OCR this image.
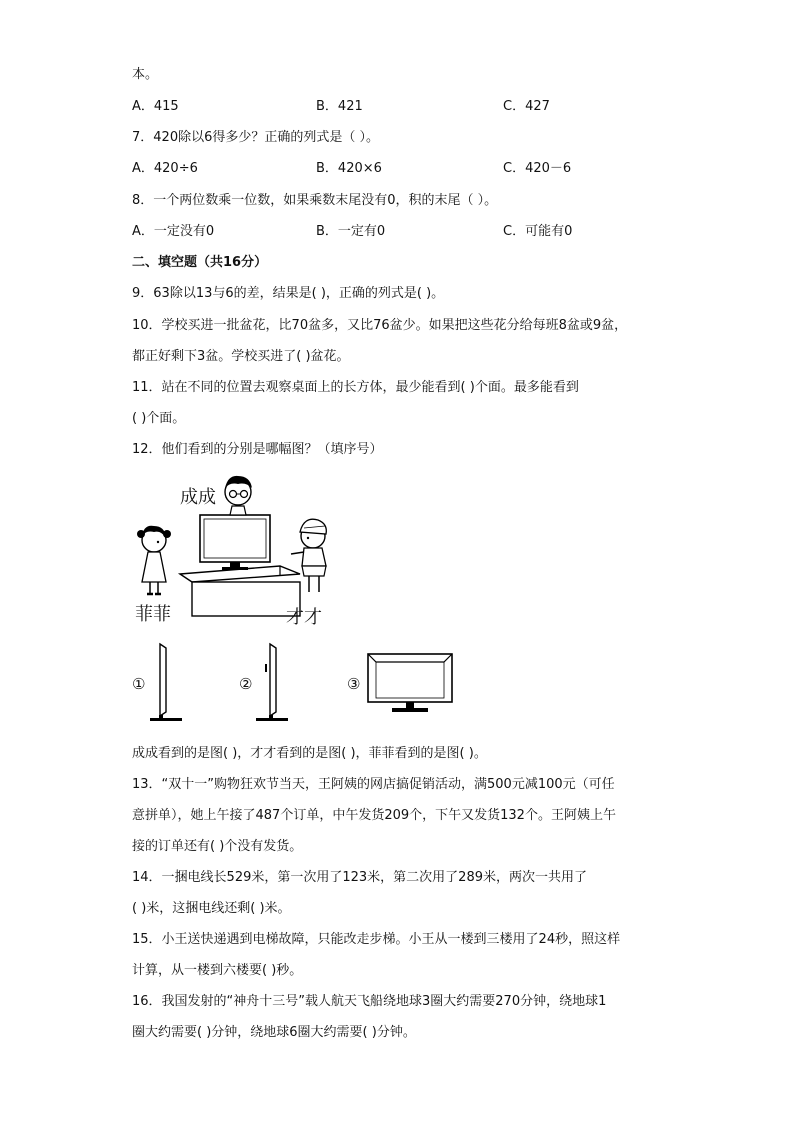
本。
A．415	B．421	C．427
7．420除以6得多少？正确的列式是（ ）。
A．420÷6	B．420×6	C．420－6
8．一个两位数乘一位数，如果乘数末尾没有0，积的末尾（ ）。
A．一定没有0	B．一定有0	C．可能有0
二、填空题（共16分）
9．63除以13与6的差，结果是( )，正确的列式是( )。
10．学校买进一批盆花，比70盆多，又比76盆少。如果把这些花分给每班8盆或9盆，
都正好剩下3盆。学校买进了( )盆花。
11．站在不同的位置去观察桌面上的长方体，最少能看到( )个面。最多能看到
( )个面。
12．他们看到的分别是哪幅图？（填序号）
成成
菲菲	才才
①	②	③
成成看到的是图( )，才才看到的是图( )，菲菲看到的是图( )。
13．“双十一”购物狂欢节当天，王阿姨的网店搞促销活动，满500元减100元（可任
意拼单），她上午接了487个订单，中午发货209个，下午又发货132个。王阿姨上午
接的订单还有( )个没有发货。
14．一捆电线长529米，第一次用了123米，第二次用了289米，两次一共用了
( )米，这捆电线还剩( )米。
15．小王送快递遇到电梯故障，只能改走步梯。小王从一楼到三楼用了24秒，照这样
计算，从一楼到六楼要( )秒。
16．我国发射的“神舟十三号”载人航天飞船绕地球3圈大约需要270分钟，绕地球1
圈大约需要( )分钟，绕地球6圈大约需要( )分钟。
